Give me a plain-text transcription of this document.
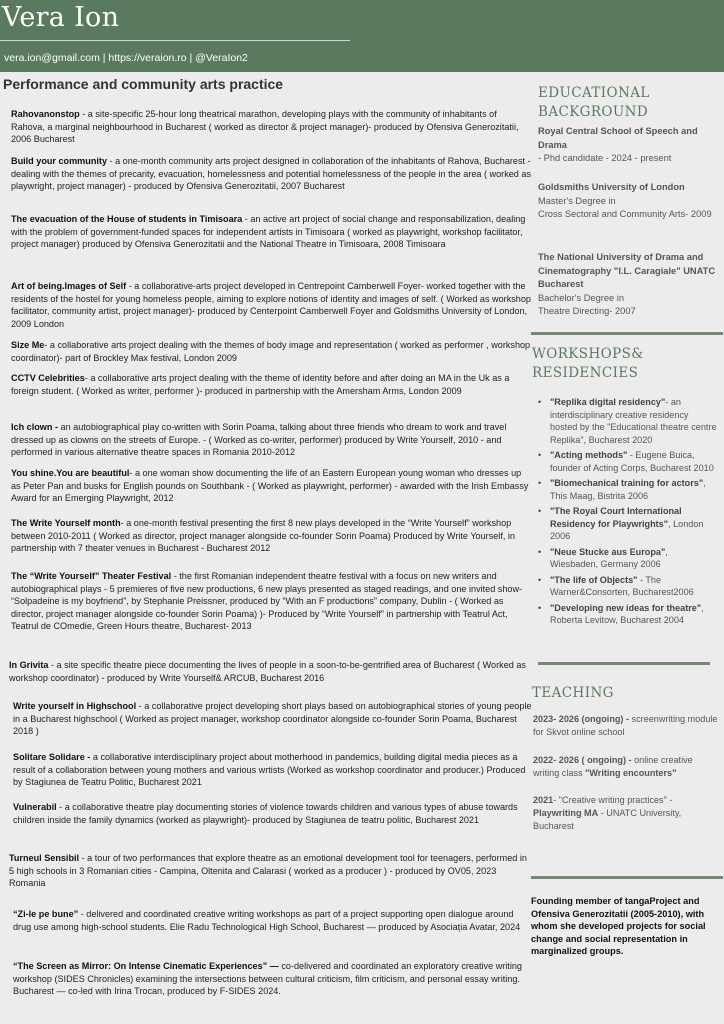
Vera Ion
vera.ion@gmail.com | https://veraion.ro | @VeraIon2
Performance and community arts practice
Rahovanonstop - a site-specific 25-hour long theatrical marathon, developing plays with the community of inhabitants of Rahova, a marginal neighbourhood in Bucharest ( worked as director & project manager)- produced by Ofensiva Generozitatii, 2006 Bucharest
Build your community - a one-month community arts project designed in collaboration of the inhabitants of Rahova, Bucharest - dealing with the themes of precarity, evacuation, homelessness and potential homelessness of the people in the area ( worked as playwright, project manager) - produced by Ofensiva Generozitatii, 2007 Bucharest
The evacuation of the House of students in Timisoara - an active art project of social change and responsabilization, dealing with the problem of government-funded spaces for independent artists in Timisoara ( worked as playwright, workshop facilitator, project manager) produced by Ofensiva Generozitatii and the National Theatre in Timisoara, 2008 Timisoara
Art of being.Images of Self - a collaborative-arts project developed in Centrepoint Camberwell Foyer- worked together with the residents of the hostel for young homeless people, aiming to explore notions of identity and images of self. ( Worked as workshop facilitator, community artist, project manager)- produced by Centerpoint Camberwell Foyer and Goldsmiths University of London, 2009 London
Size Me- a collaborative arts project dealing with the themes of body image and representation ( worked as performer , workshop coordinator)- part of Brockley Max festival, London 2009
CCTV Celebrities- a collaborative arts project dealing with the theme of identity before and after doing an MA in the Uk as a foreign student. ( Worked as writer, performer )- produced in partnership with the Amersham Arms, London 2009
Ich clown - an autobiographical play co-written with Sorin Poama, talking about three friends who dream to work and travel dressed up as clowns on the streets of Europe. - ( Worked as co-writer, performer) produced by Write Yourself, 2010 - and performed in various alternative theatre spaces in Romania 2010-2012
You shine.You are beautiful- a one woman show documenting the life of an Eastern European young woman who dresses up as Peter Pan and busks for English pounds on Southbank - ( Worked as playwright, performer) - awarded with the Irish Embassy Award for an Emerging Playwright, 2012
The Write Yourself month- a one-month festival presenting the first 8 new plays developed in the “Write Yourself” workshop between 2010-2011 ( Worked as director, project manager alongside co-founder Sorin Poama) Produced by Write Yourself, in partnership with 7 theater venues in Bucharest - Bucharest 2012
The “Write Yourself” Theater Festival - the first Romanian independent theatre festival with a focus on new writers and autobiographical plays - 5 premieres of five new productions, 6 new plays presented as staged readings, and one invited show- “Solpadeine is my boyfriend”, by Stephanie Preissner, produced by “With an F productions” company, Dublin - ( Worked as director, project manager alongside co-founder Sorin Poama) )- Produced by “Write Yourself” in partnership with Teatrul Act, Teatrul de COmedie, Green Hours theatre, Bucharest- 2013
In Grivita - a site specific theatre piece documenting the lives of people in a soon-to-be-gentrified area of Bucharest ( Worked as workshop coordinator) - produced by Write Yourself& ARCUB, Bucharest 2016
Write yourself in Highschool - a collaborative project developing short plays based on autobiographical stories of young people in a Bucharest highschool ( Worked as project manager, workshop coordinator alongside co-founder Sorin Poama, Bucharest 2018 )
Solitare Solidare - a collaborative interdisciplinary project about motherhood in pandemics, building digital media pieces as a result of a collaboration between young mothers and various wrtists (Worked as workshop coordinator and producer.) Produced by Stagiunea de Teatru Politic, Bucharest 2021
Vulnerabil - a collaborative theatre play documenting stories of violence towards children and various types of abuse towards children inside the family dynamics (worked as playwright)- produced by Stagiunea de teatru politic, Bucharest 2021
Turneul Sensibil - a tour of two performances that explore theatre as an emotional development tool for teenagers, performed in 5 high schools in 3 Romanian cities - Campina, Oltenita and Calarasi ( worked as a producer ) - produced by OV05, 2023 Romania
“Zi-le pe bune” - delivered and coordinated creative writing workshops as part of a project supporting open dialogue around drug use among high-school students. Elie Radu Technological High School, Bucharest — produced by Asociația Avatar, 2024
“The Screen as Mirror: On Intense Cinematic Experiences” — co-delivered and coordinated an exploratory creative writing workshop (SIDES Chronicles) examining the intersections between cultural criticism, film criticism, and personal essay writing. Bucharest — co-led with Irina Trocan, produced by F-SIDES 2024.
EDUCATIONAL
BACKGROUND
Royal Central School of Speech and Drama
- Phd candidate - 2024 - present
Goldsmiths University of London
Master's Degree in
Cross Sectoral and Community Arts- 2009
The National University of Drama and Cinematography "I.L. Caragiale" UNATC Bucharest
Bachelor's Degree in
Theatre Directing- 2007
WORKSHOPS&
RESIDENCIES
• "Replika digital residency"- an interdisciplinary creative residency hosted by the "Educational theatre centre Replika", Bucharest 2020
• "Acting methods" - Eugene Buica, founder of Acting Corps, Bucharest 2010
• "Biomechanical training for actors", This Maag, Bistrita 2006
• "The Royal Court International Residency for Playwrights", London 2006
• "Neue Stucke aus Europa", Wiesbaden, Germany 2006
• "The life of Objects" - The Warner&Consorten, Bucharest2006
• "Developing new ideas for theatre", Roberta Levitow, Bucharest 2004
TEACHING
2023- 2026 (ongoing) - screenwriting module for Skvot online school
2022- 2026 ( ongoing) - online creative writing class "Writing encounters"
2021- "Creative writing practices" - Playwriting MA - UNATC University, Bucharest
Founding member of tangaProject and Ofensiva Generozitatii (2005-2010), with whom she developed projects for social change and social representation in marginalized groups.
